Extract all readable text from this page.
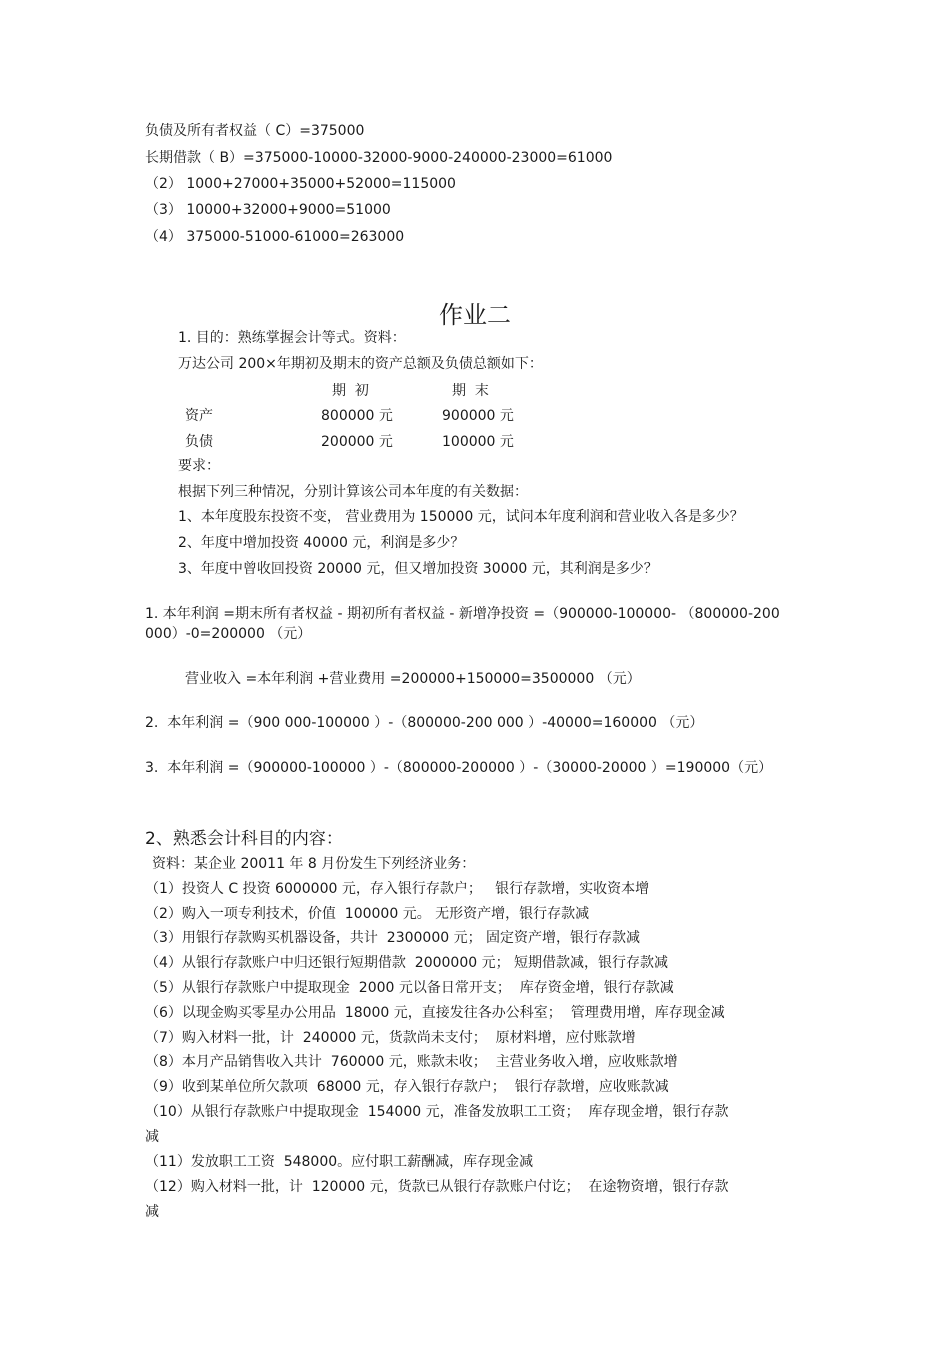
负债及所有者权益（ C）=375000
长期借款（ B）=375000-10000-32000-9000-240000-23000=61000
（2） 1000+27000+35000+52000=115000
（3） 10000+32000+9000=51000
（4） 375000-51000-61000=263000
作业二
1. 目的：熟练掌握会计等式。资料：
万达公司 200×年期初及期末的资产总额及负债总额如下：
期  初	期  末
资产	800000 元	900000 元
负债	200000 元	100000 元
要求：
根据下列三种情况，分别计算该公司本年度的有关数据：
1、本年度股东投资不变， 营业费用为 150000 元，试问本年度利润和营业收入各是多少？
2、年度中增加投资 40000 元，利润是多少？
3、年度中曾收回投资 20000 元，但又增加投资 30000 元，其利润是多少？
1. 本年利润 =期末所有者权益 - 期初所有者权益 - 新增净投资 =（900000-100000- （800000-200
000）-0=200000 （元）
营业收入 =本年利润 +营业费用 =200000+150000=3500000 （元）
2.  本年利润 =（900 000-100000 ）-（800000-200 000 ）-40000=160000 （元）
3.  本年利润 =（900000-100000 ）-（800000-200000 ）-（30000-20000 ）=190000（元）
2、熟悉会计科目的内容：
资料：某企业 20011 年 8 月份发生下列经济业务：
（1）投资人 C 投资 6000000 元，存入银行存款户；   银行存款增，实收资本增
（2）购入一项专利技术，价值  100000 元。 无形资产增，银行存款减
（3）用银行存款购买机器设备，共计  2300000 元； 固定资产增，银行存款减
（4）从银行存款账户中归还银行短期借款  2000000 元； 短期借款减，银行存款减
（5）从银行存款账户中提取现金  2000 元以备日常开支；  库存资金增，银行存款减
（6）以现金购买零星办公用品  18000 元，直接发往各办公科室；  管理费用增，库存现金减
（7）购入材料一批，计  240000 元，货款尚未支付；  原材料增，应付账款增
（8）本月产品销售收入共计  760000 元，账款未收；  主营业务收入增，应收账款增
（9）收到某单位所欠款项  68000 元，存入银行存款户；  银行存款增，应收账款减
（10）从银行存款账户中提取现金  154000 元，准备发放职工工资；  库存现金增，银行存款
减
（11）发放职工工资  548000。应付职工薪酬减，库存现金减
（12）购入材料一批，计  120000 元，货款已从银行存款账户付讫；  在途物资增，银行存款
减
